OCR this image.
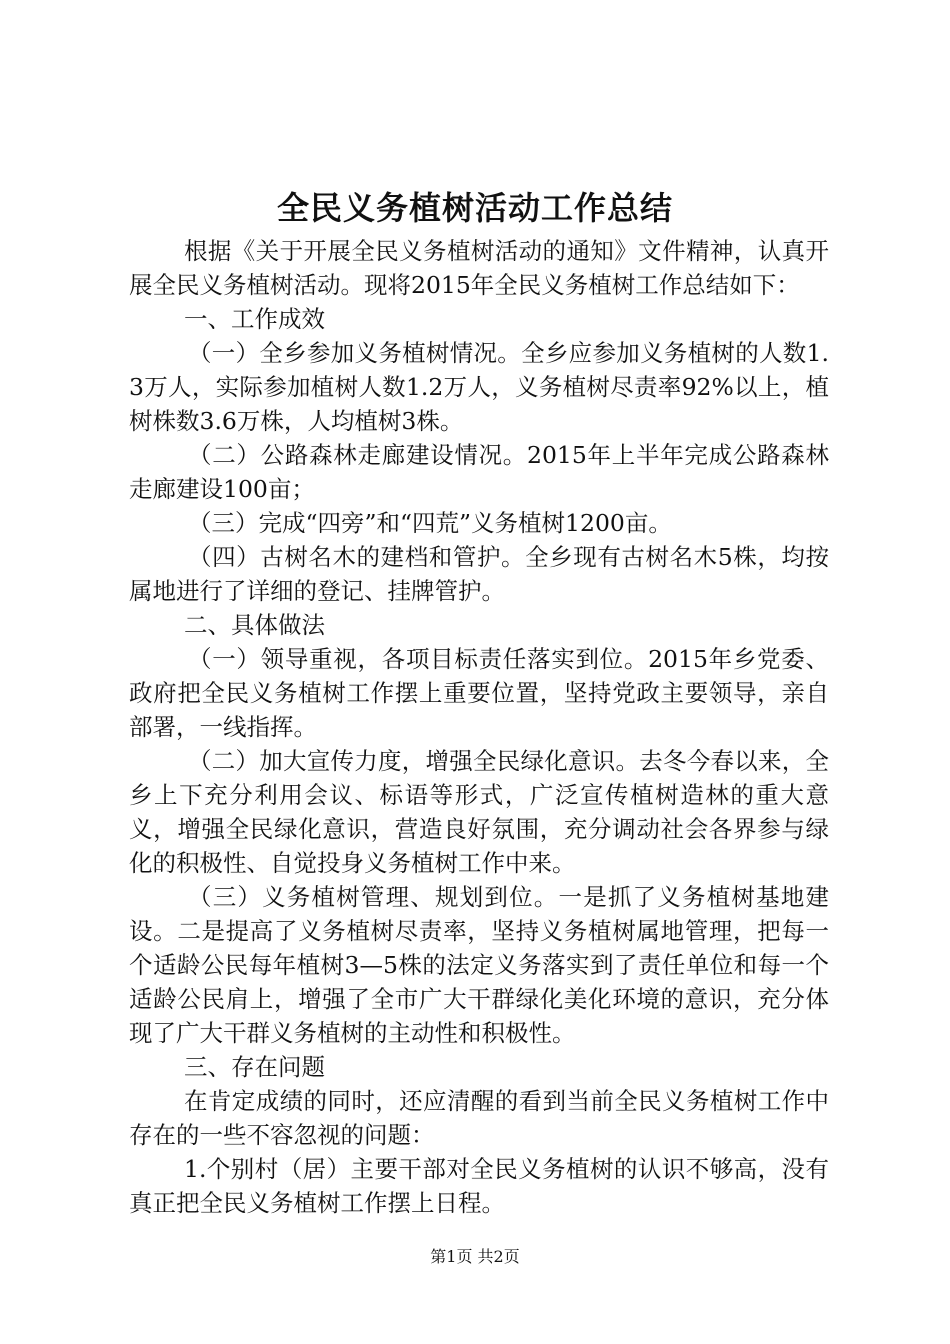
全民义务植树活动工作总结

根据《关于开展全民义务植树活动的通知》文件精神，认真开展全民义务植树活动。现将2015年全民义务植树工作总结如下：

一、工作成效

（一）全乡参加义务植树情况。全乡应参加义务植树的人数1.3万人，实际参加植树人数1.2万人，义务植树尽责率92%以上，植树株数3.6万株，人均植树3株。

（二）公路森林走廊建设情况。2015年上半年完成公路森林走廊建设100亩；

（三）完成“四旁”和“四荒”义务植树1200亩。

（四）古树名木的建档和管护。全乡现有古树名木5株，均按属地进行了详细的登记、挂牌管护。

二、具体做法

（一）领导重视，各项目标责任落实到位。2015年乡党委、政府把全民义务植树工作摆上重要位置，坚持党政主要领导，亲自部署，一线指挥。

（二）加大宣传力度，增强全民绿化意识。去冬今春以来，全乡上下充分利用会议、标语等形式，广泛宣传植树造林的重大意义，增强全民绿化意识，营造良好氛围，充分调动社会各界参与绿化的积极性、自觉投身义务植树工作中来。

（三）义务植树管理、规划到位。一是抓了义务植树基地建设。二是提高了义务植树尽责率，坚持义务植树属地管理，把每一个适龄公民每年植树3—5株的法定义务落实到了责任单位和每一个适龄公民肩上，增强了全市广大干群绿化美化环境的意识，充分体现了广大干群义务植树的主动性和积极性。

三、存在问题

在肯定成绩的同时，还应清醒的看到当前全民义务植树工作中存在的一些不容忽视的问题：

1.个别村（居）主要干部对全民义务植树的认识不够高，没有真正把全民义务植树工作摆上日程。

第1页 共2页
